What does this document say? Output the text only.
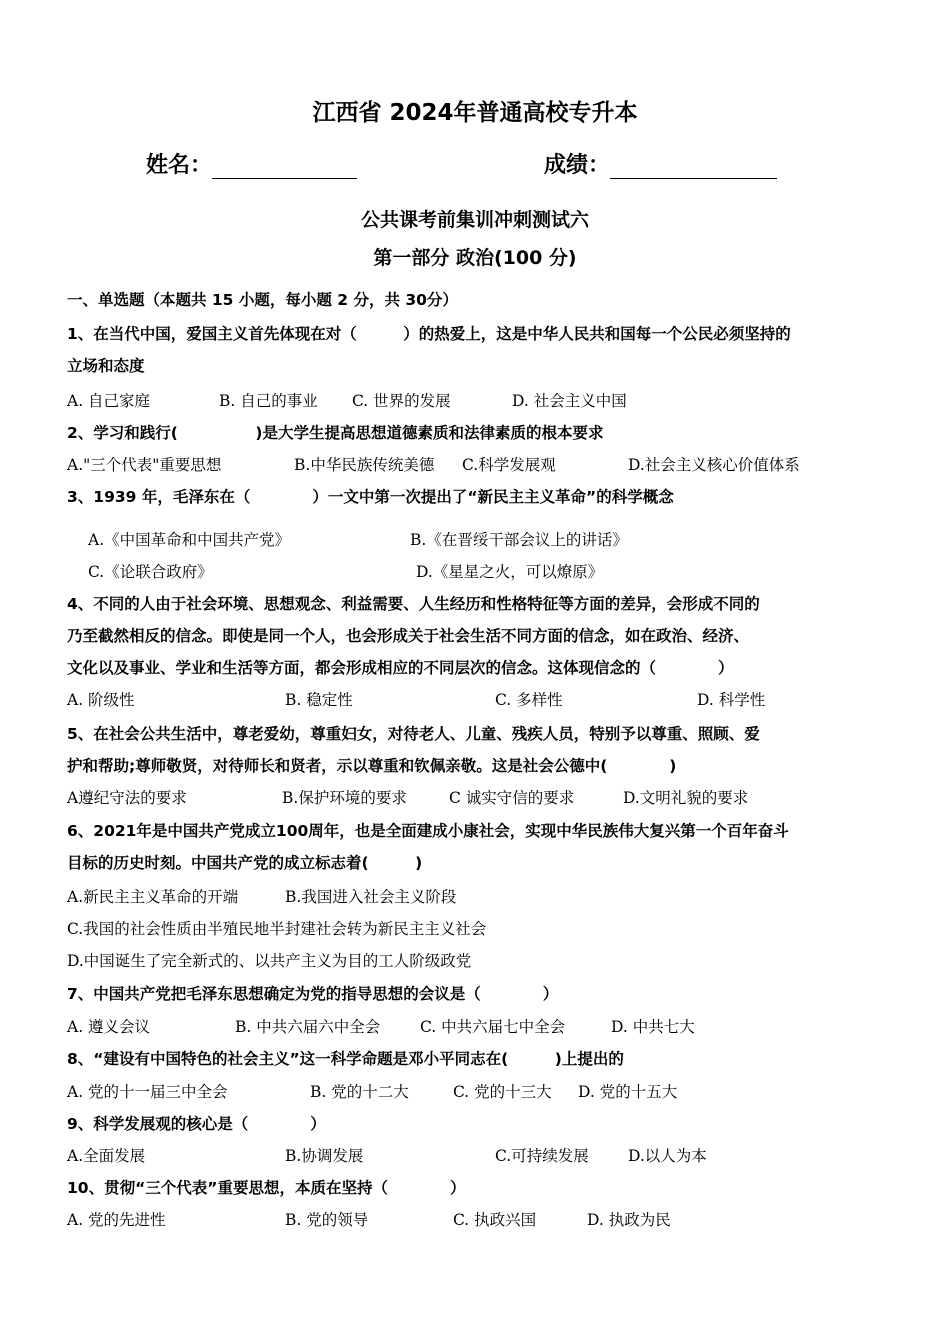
江西省 2024年普通高校专升本
姓名：	成绩：
公共课考前集训冲刺测试六
第一部分 政治(100 分)
一、单选题（本题共 15 小题，每小题 2 分，共 30分）
1、在当代中国，爱国主义首先体现在对（　　　）的热爱上，这是中华人民共和国每一个公民必须坚持的
立场和态度
A. 自己家庭	B. 自己的事业 C. 世界的发展	D. 社会主义中国
2、学习和践行(　　　　　)是大学生提高思想道德素质和法律素质的根本要求
A."三个代表"重要思想	B.中华民族传统美德 C.科学发展观	D.社会主义核心价值体系
3、1939 年，毛泽东在（　　　　）一文中第一次提出了“新民主主义革命”的科学概念
A.《中国革命和中国共产党》	B.《在晋绥干部会议上的讲话》
C.《论联合政府》	D.《星星之火，可以燎原》
4、不同的人由于社会环境、思想观念、利益需要、人生经历和性格特征等方面的差异，会形成不同的
乃至截然相反的信念。即使是同一个人，也会形成关于社会生活不同方面的信念，如在政治、经济、
文化以及事业、学业和生活等方面，都会形成相应的不同层次的信念。这体现信念的（　　　　）
A. 阶级性	B. 稳定性	C. 多样性	D. 科学性
5、在社会公共生活中，尊老爱幼，尊重妇女，对待老人、儿童、残疾人员，特别予以尊重、照顾、爱
护和帮助;尊师敬贤，对待师长和贤者，示以尊重和钦佩亲敬。这是社会公德中(　　　　)
A遵纪守法的要求	B.保护环境的要求	C 诚实守信的要求	D.文明礼貌的要求
6、2021年是中国共产党成立100周年，也是全面建成小康社会，实现中华民族伟大复兴第一个百年奋斗
目标的历史时刻。中国共产党的成立标志着(　　　)
A.新民主主义革命的开端	B.我国进入社会主义阶段
C.我国的社会性质由半殖民地半封建社会转为新民主主义社会
D.中国诞生了完全新式的、以共产主义为目的工人阶级政党
7、中国共产党把毛泽东思想确定为党的指导思想的会议是（　　　　）
A. 遵义会议	B. 中共六届六中全会	C. 中共六届七中全会	D. 中共七大
8、“建设有中国特色的社会主义”这一科学命题是邓小平同志在(　　　)上提出的
A. 党的十一届三中全会	B. 党的十二大	C. 党的十三大 D. 党的十五大
9、科学发展观的核心是（　　　　）
A.全面发展	B.协调发展	C.可持续发展	D.以人为本
10、贯彻“三个代表”重要思想，本质在坚持（　　　　）
A. 党的先进性	B. 党的领导	C. 执政兴国	D. 执政为民
